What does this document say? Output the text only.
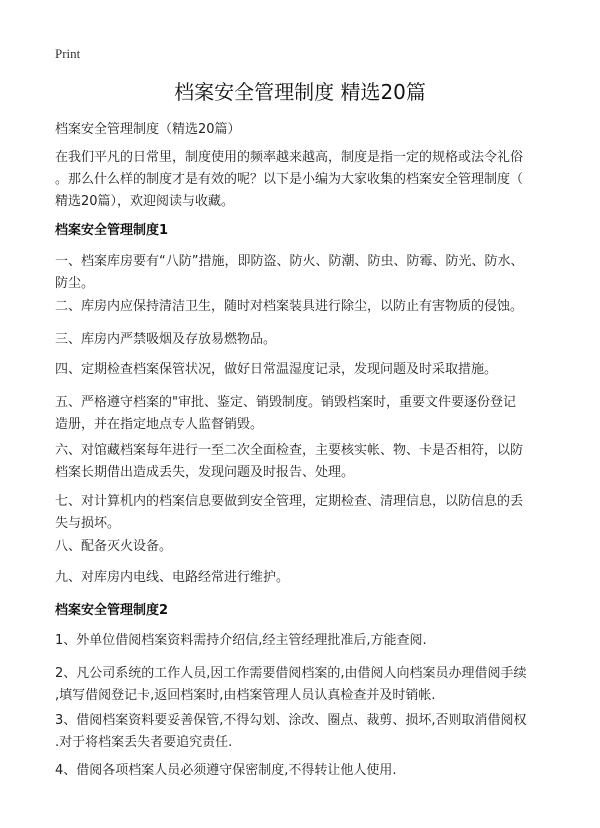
Print
档案安全管理制度 精选20篇
档案安全管理制度（精选20篇）
在我们平凡的日常里，制度使用的频率越来越高，制度是指一定的规格或法令礼俗
。那么什么样的制度才是有效的呢？以下是小编为大家收集的档案安全管理制度（
精选20篇），欢迎阅读与收藏。
档案安全管理制度1
一、档案库房要有“八防”措施，即防盗、防火、防潮、防虫、防霉、防光、防水、
防尘。
二、库房内应保持清洁卫生，随时对档案装具进行除尘，以防止有害物质的侵蚀。
三、库房内严禁吸烟及存放易燃物品。
四、定期检查档案保管状况，做好日常温湿度记录，发现问题及时采取措施。
五、严格遵守档案的"审批、鉴定、销毁制度。销毁档案时，重要文件要逐份登记
造册，并在指定地点专人监督销毁。
六、对馆藏档案每年进行一至二次全面检查，主要核实帐、物、卡是否相符，以防
档案长期借出造成丢失，发现问题及时报告、处理。
七、对计算机内的档案信息要做到安全管理，定期检查、清理信息，以防信息的丢
失与损坏。
八、配备灭火设备。
九、对库房内电线、电路经常进行维护。
档案安全管理制度2
1、外单位借阅档案资料需持介绍信,经主管经理批准后,方能查阅.
2、凡公司系统的工作人员,因工作需要借阅档案的,由借阅人向档案员办理借阅手续
,填写借阅登记卡,返回档案时,由档案管理人员认真检查并及时销帐.
3、借阅档案资料要妥善保管,不得勾划、涂改、圈点、裁剪、损坏,否则取消借阅权
.对于将档案丢失者要追究责任.
4、借阅各项档案人员必须遵守保密制度,不得转让他人使用.
